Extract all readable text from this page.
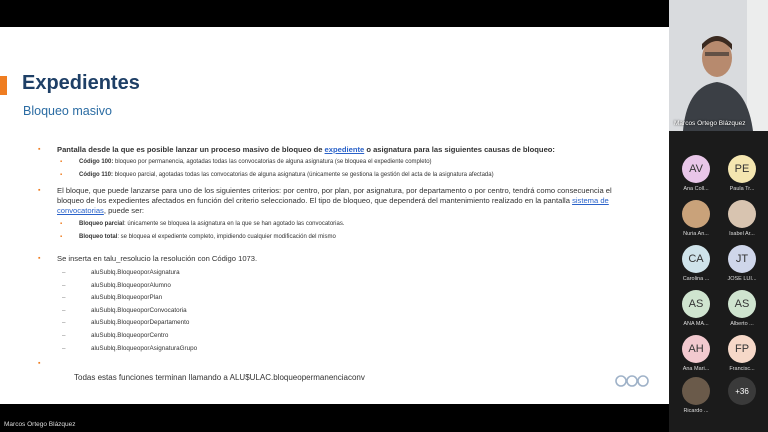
Expedientes
Bloqueo masivo
▪ Pantalla desde la que es posible lanzar un proceso masivo de bloqueo de expediente o asignatura para las siguientes causas de bloqueo:
▪ Código 100: bloqueo por permanencia, agotadas todas las convocatorias de alguna asignatura (se bloquea el expediente completo)
▪ Código 110: bloqueo parcial, agotadas todas las convocatorias de alguna asignatura (únicamente se gestiona la gestión del acta de la asignatura afectada)
▪ El bloque, que puede lanzarse para uno de los siguientes criterios: por centro, por plan, por asignatura, por departamento o por centro, tendrá como consecuencia el bloqueo de los expedientes afectados en función del criterio seleccionado. El tipo de bloqueo, que dependerá del mantenimiento realizado en la pantalla sistema de convocatorias, puede ser:
▪ Bloqueo parcial: únicamente se bloquea la asignatura en la que se han agotado las convocatorias.
▪ Bloqueo total: se bloquea el expediente completo, impidiendo cualquier modificación del mismo
▪ Se inserta en talu_resolucio la resolución con Código 1073.
– aluSublq.BloqueoporAsignatura
– aluSublq.BloqueoporAlumno
– aluSublq.BloqueoporPlan
– aluSublq.BloqueoporConvocatoria
– aluSublq.BloqueoporDepartamento
– aluSublq.BloqueoporCentro
– aluSublq.BloqueoporAsignaturaGrupo
▪
Todas estas funciones terminan llamando a ALU$ULAC.bloqueopermanenciaconv
Marcos Ortego Blázquez
AV
Ana Coll...
PE
Paula Tr...
Nuria An...	Isabel Ar...
CA
Carolina ...
JT
JOSE LUI...
AS
ANA MA...
AS
Alberto ...
AH
Ana Mari...
FP
Francisc...
Ricardo ...
+36
Marcos Ortego Blázquez
